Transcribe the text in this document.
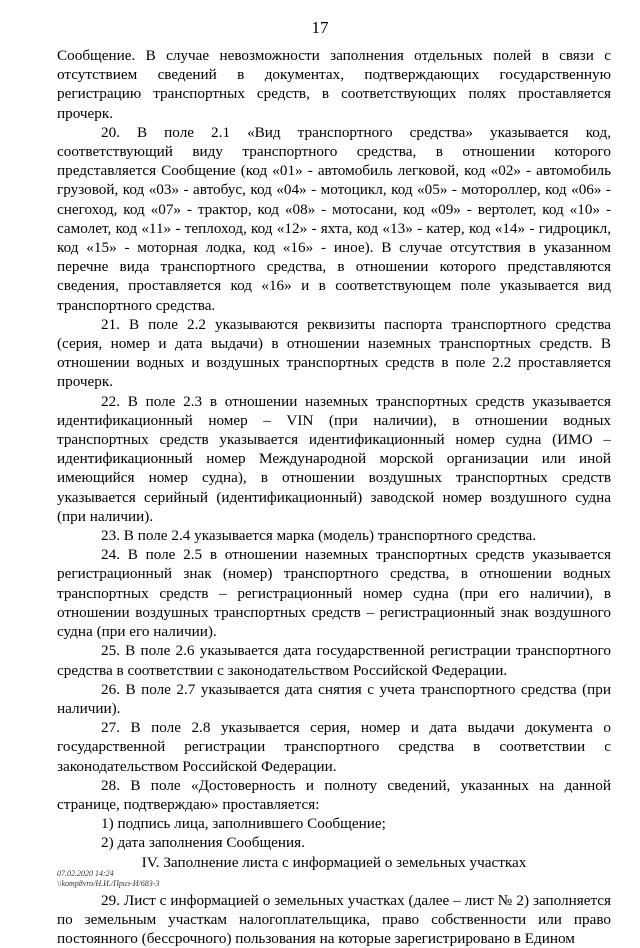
17

Сообщение. В случае невозможности заполнения отдельных полей в связи с отсутствием сведений в документах, подтверждающих государственную регистрацию транспортных средств, в соответствующих полях проставляется прочерк.

20. В поле 2.1 «Вид транспортного средства» указывается код, соответствующий виду транспортного средства, в отношении которого представляется Сообщение (код «01» - автомобиль легковой, код «02» - автомобиль грузовой, код «03» - автобус, код «04» - мотоцикл, код «05» - мотороллер, код «06» - снегоход, код «07» - трактор, код «08» - мотосани, код «09» - вертолет, код «10» - самолет, код «11» - теплоход, код «12» - яхта, код «13» - катер, код «14» - гидроцикл, код «15» - моторная лодка, код «16» - иное). В случае отсутствия в указанном перечне вида транспортного средства, в отношении которого представляются сведения, проставляется код «16» и в соответствующем поле указывается вид транспортного средства.

21. В поле 2.2 указываются реквизиты паспорта транспортного средства (серия, номер и дата выдачи) в отношении наземных транспортных средств. В отношении водных и воздушных транспортных средств в поле 2.2 проставляется прочерк.

22. В поле 2.3 в отношении наземных транспортных средств указывается идентификационный номер – VIN (при наличии), в отношении водных транспортных средств указывается идентификационный номер судна (ИМО – идентификационный номер Международной морской организации или иной имеющийся номер судна), в отношении воздушных транспортных средств указывается серийный (идентификационный) заводской номер воздушного судна (при наличии).

23. В поле 2.4 указывается марка (модель) транспортного средства.

24. В поле 2.5 в отношении наземных транспортных средств указывается регистрационный знак (номер) транспортного средства, в отношении водных транспортных средств – регистрационный номер судна (при его наличии), в отношении воздушных транспортных средств – регистрационный знак воздушного судна (при его наличии).

25. В поле 2.6 указывается дата государственной регистрации транспортного средства в соответствии с законодательством Российской Федерации.

26. В поле 2.7 указывается дата снятия с учета транспортного средства (при наличии).

27. В поле 2.8 указывается серия, номер и дата выдачи документа о государственной регистрации транспортного средства в соответствии с законодательством Российской Федерации.

28. В поле «Достоверность и полноту сведений, указанных на данной странице, подтверждаю» проставляется:

1) подпись лица, заполнившего Сообщение;

2) дата заполнения Сообщения.

IV. Заполнение листа с информацией о земельных участках

29. Лист с информацией о земельных участках (далее – лист № 2) заполняется по земельным участкам налогоплательщика, право собственности или право постоянного (бессрочного) пользования на которые зарегистрировано в Едином

07.02.2020 14:24
\\komp8vro/Н.И./Приз-И/683-3
